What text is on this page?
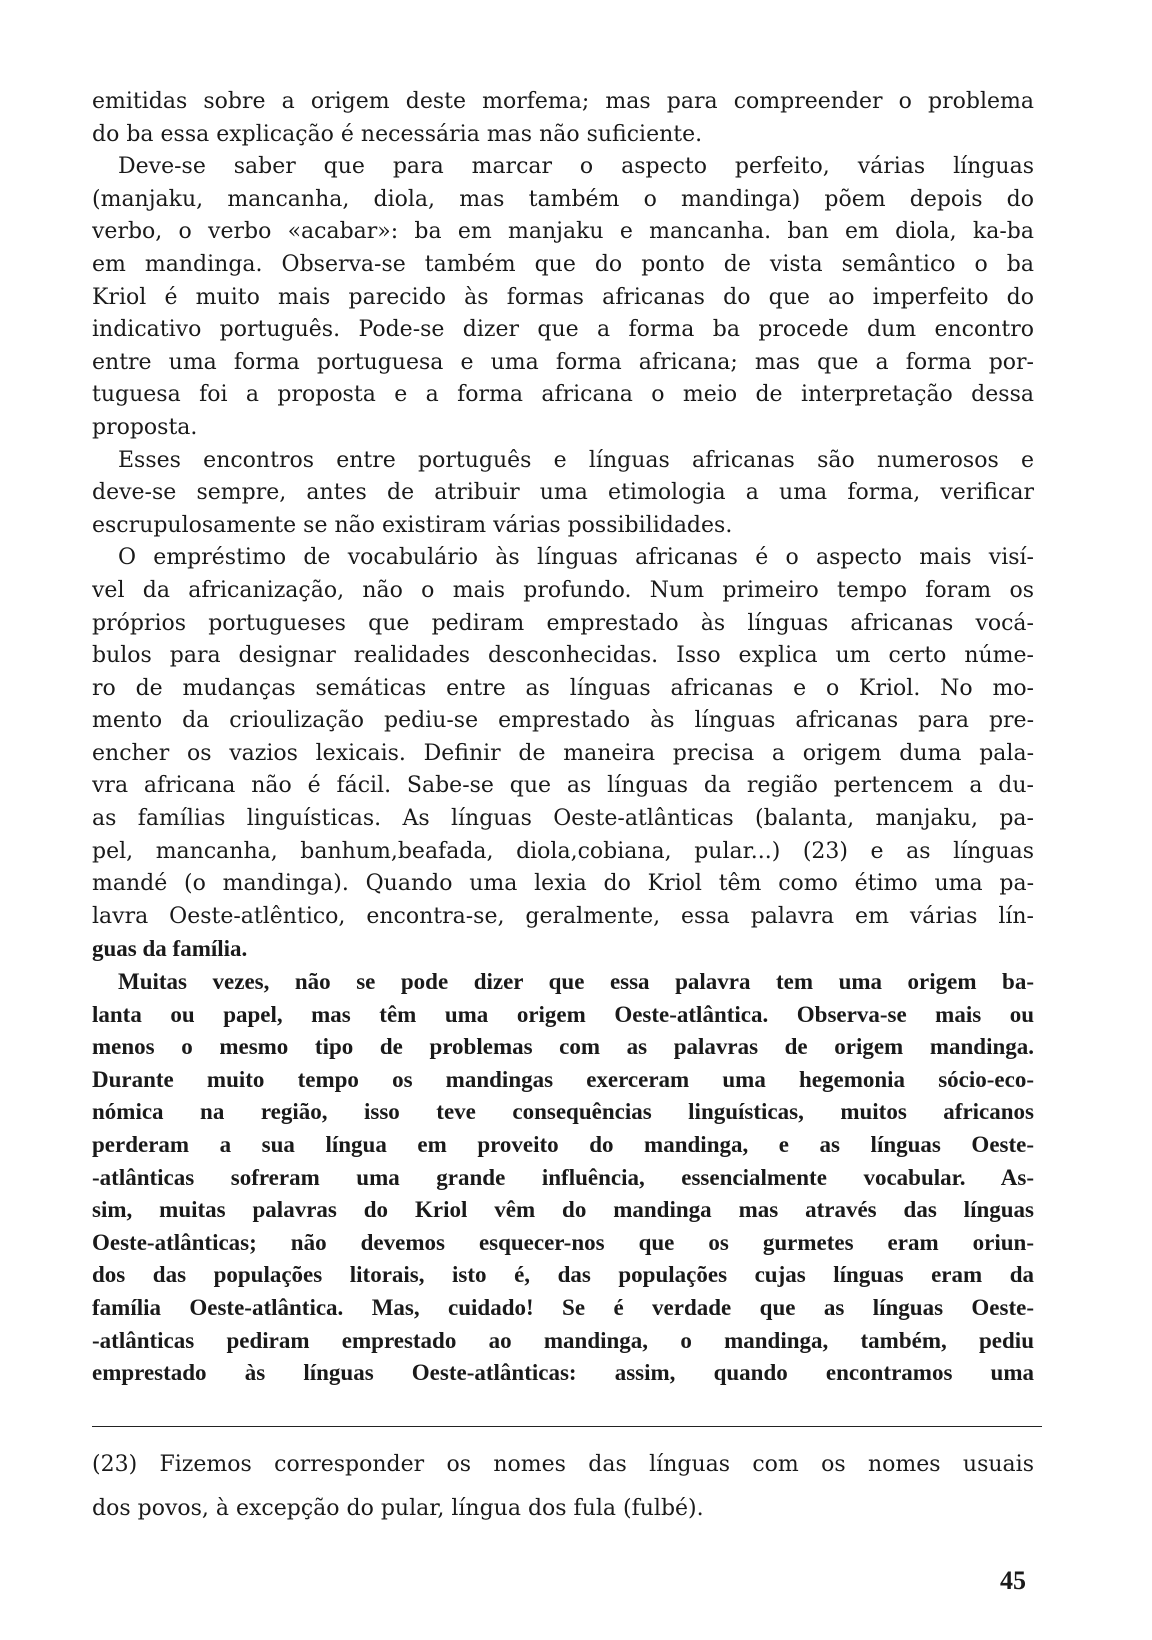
emitidas sobre a origem deste morfema; mas para compreender o problema
do ba essa explicação é necessária mas não suficiente.
Deve-se saber que para marcar o aspecto perfeito, várias línguas
(manjaku, mancanha, diola, mas também o mandinga) põem depois do
verbo, o verbo «acabar»: ba em manjaku e mancanha. ban em diola, ka-ba
em mandinga. Observa-se também que do ponto de vista semântico o ba
Kriol é muito mais parecido às formas africanas do que ao imperfeito do
indicativo português. Pode-se dizer que a forma ba procede dum encontro
entre uma forma portuguesa e uma forma africana; mas que a forma por-
tuguesa foi a proposta e a forma africana o meio de interpretação dessa
proposta.
Esses encontros entre português e línguas africanas são numerosos e
deve-se sempre, antes de atribuir uma etimologia a uma forma, verificar
escrupulosamente se não existiram várias possibilidades.
O empréstimo de vocabulário às línguas africanas é o aspecto mais visí-
vel da africanização, não o mais profundo. Num primeiro tempo foram os
próprios portugueses que pediram emprestado às línguas africanas vocá-
bulos para designar realidades desconhecidas. Isso explica um certo núme-
ro de mudanças semáticas entre as línguas africanas e o Kriol. No mo-
mento da crioulização pediu-se emprestado às línguas africanas para pre-
encher os vazios lexicais. Definir de maneira precisa a origem duma pala-
vra africana não é fácil. Sabe-se que as línguas da região pertencem a du-
as famílias linguísticas. As línguas Oeste-atlânticas (balanta, manjaku, pa-
pel, mancanha, banhum,beafada, diola,cobiana, pular...) (23) e as línguas
mandé (o mandinga). Quando uma lexia do Kriol têm como étimo uma pa-
lavra Oeste-atlêntico, encontra-se, geralmente, essa palavra em várias lín-
guas da família.
Muitas vezes, não se pode dizer que essa palavra tem uma origem ba-
lanta ou papel, mas têm uma origem Oeste-atlântica. Observa-se mais ou
menos o mesmo tipo de problemas com as palavras de origem mandinga.
Durante muito tempo os mandingas exerceram uma hegemonia sócio-eco-
nómica na região, isso teve consequências linguísticas, muitos africanos
perderam a sua língua em proveito do mandinga, e as línguas Oeste-
-atlânticas sofreram uma grande influência, essencialmente vocabular. As-
sim, muitas palavras do Kriol vêm do mandinga mas através das línguas
Oeste-atlânticas; não devemos esquecer-nos que os gurmetes eram oriun-
dos das populações litorais, isto é, das populações cujas línguas eram da
família Oeste-atlântica. Mas, cuidado! Se é verdade que as línguas Oeste-
-atlânticas pediram emprestado ao mandinga, o mandinga, também, pediu
emprestado às línguas Oeste-atlânticas: assim, quando encontramos uma
(23) Fizemos corresponder os nomes das línguas com os nomes usuais
dos povos, à excepção do pular, língua dos fula (fulbé).
45
